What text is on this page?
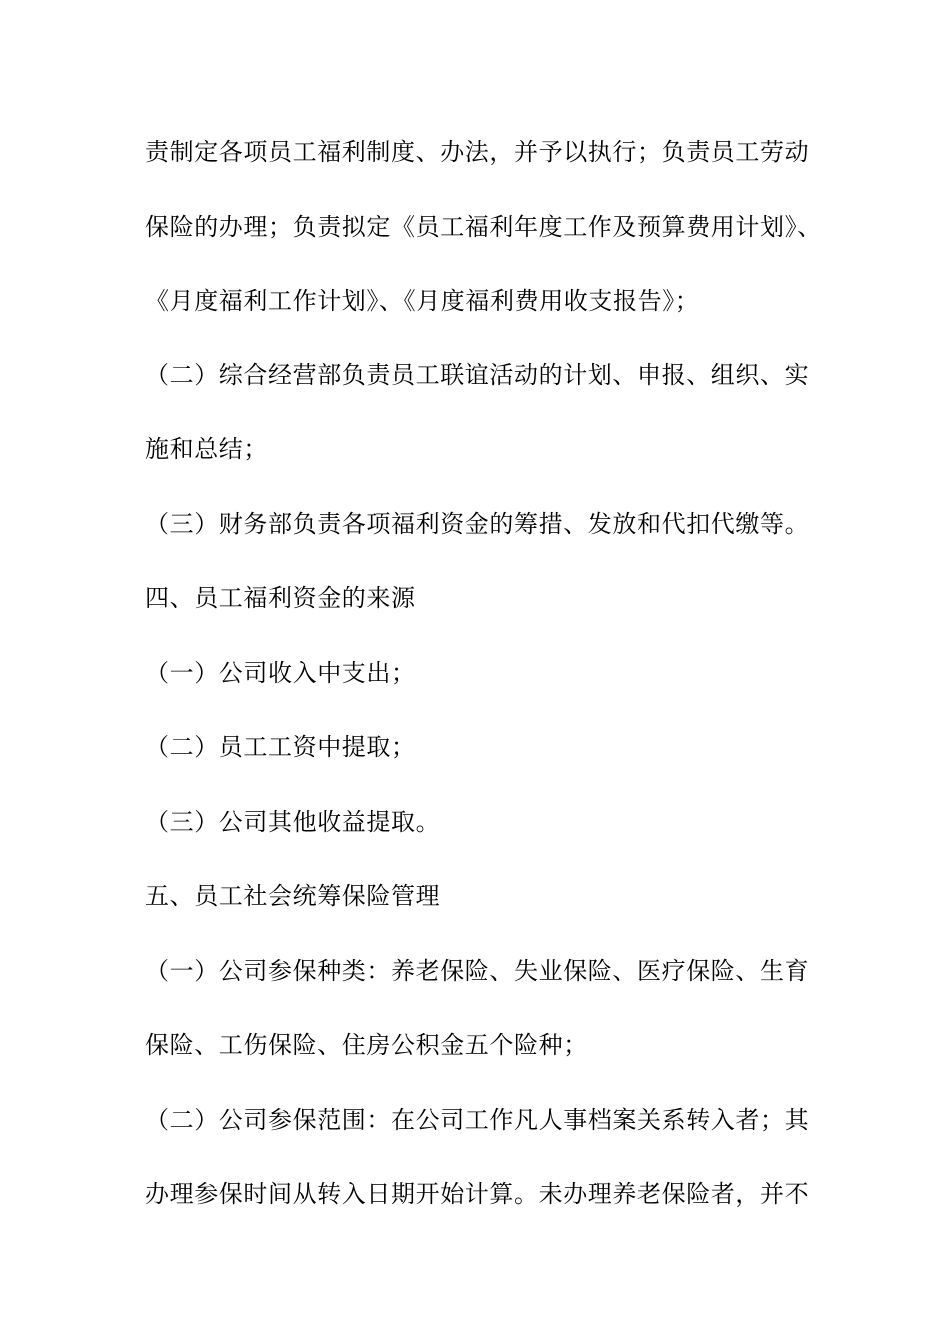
责制定各项员工福利制度、办法，并予以执行；负责员工劳动
保险的办理；负责拟定《员工福利年度工作及预算费用计划》、
《月度福利工作计划》、《月度福利费用收支报告》；
（二）综合经营部负责员工联谊活动的计划、申报、组织、实
施和总结；
（三）财务部负责各项福利资金的筹措、发放和代扣代缴等。
四、员工福利资金的来源
（一）公司收入中支出；
（二）员工工资中提取；
（三）公司其他收益提取。
五、员工社会统筹保险管理
（一）公司参保种类：养老保险、失业保险、医疗保险、生育
保险、工伤保险、住房公积金五个险种；
（二）公司参保范围：在公司工作凡人事档案关系转入者；其
办理参保时间从转入日期开始计算。未办理养老保险者，并不
